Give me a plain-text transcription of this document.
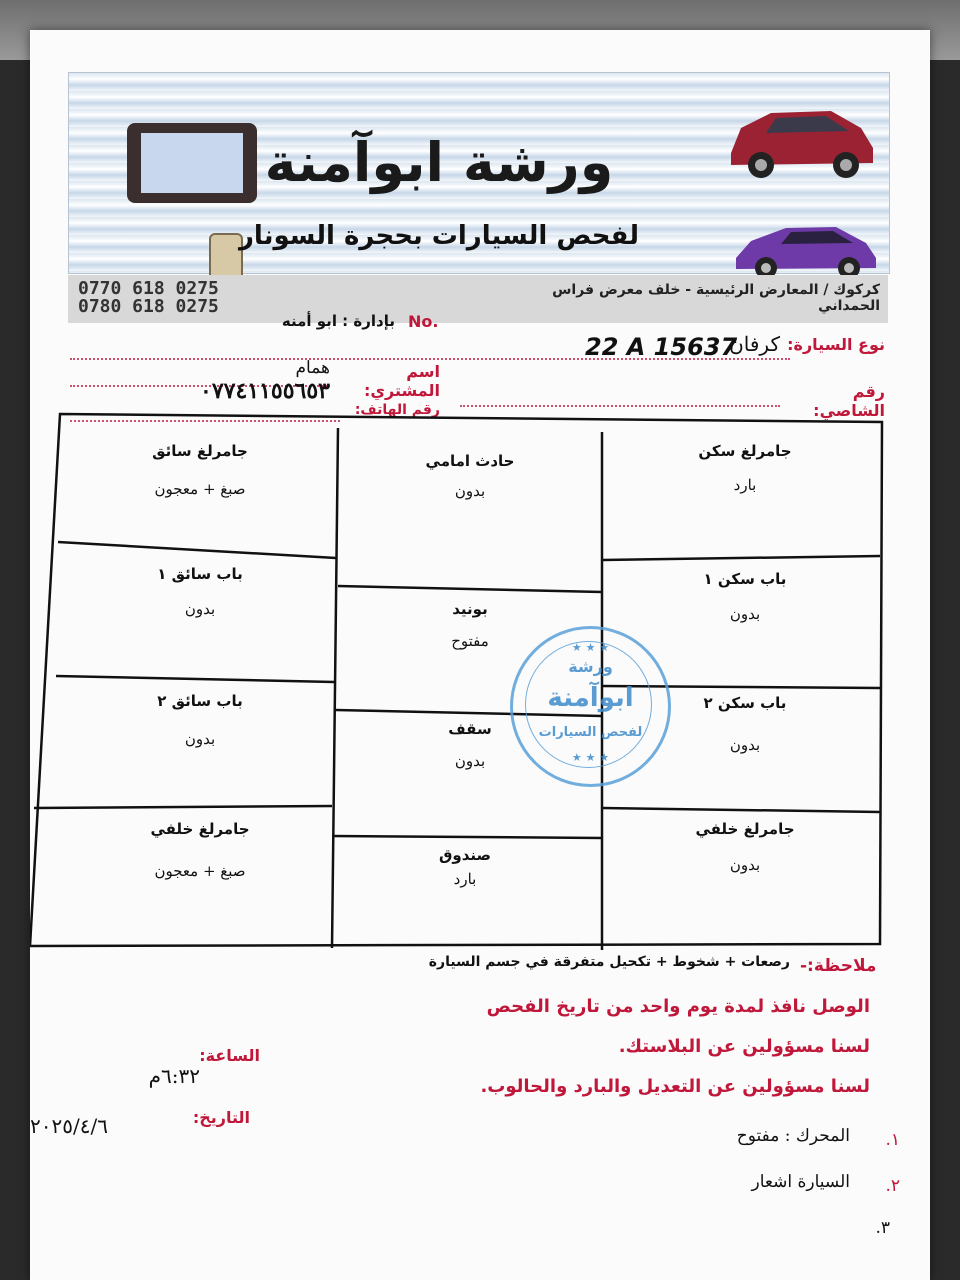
ورشة ابوآمنة
لفحص السيارات بحجرة السونار
0770 618 0275
0780 618 0275
كركوك / المعارض الرئيسية - خلف معرض فراس الحمداني
بإدارة : ابو أمنه No.
نوع السيارة:
كرفان
22 A 15637
اسم المشتري:
همام
رقم الشاصي:
٠٧٧٤١١٥٥٦٥٣
رقم الهاتف:
جامرلغ سائق
صبغ + معجون
باب سائق ١
بدون
باب سائق ٢
بدون
جامرلغ خلفي
صبغ + معجون
حادث امامي
بدون
بونيد
مفتوح
سقف
بدون
صندوق
بارد
جامرلغ سكن
بارد
باب سكن ١
بدون
باب سكن ٢
بدون
جامرلغ خلفي
بدون
★ ★ ★
ورشة
ابوآمنة
لفحص السيارات
★ ★ ★
ملاحظة:-
رصعات + شخوط + تكحيل متفرقة في جسم السيارة
الوصل نافذ لمدة يوم واحد من تاريخ الفحص
لسنا مسؤولين عن البلاستك.
لسنا مسؤولين عن التعديل والبارد والحالوب.
الساعة:
٦:٣٢م
التاريخ:
٢٠٢٥/٤/٦
١.
المحرك : مفتوح
٢.
السيارة اشعار
٣.
